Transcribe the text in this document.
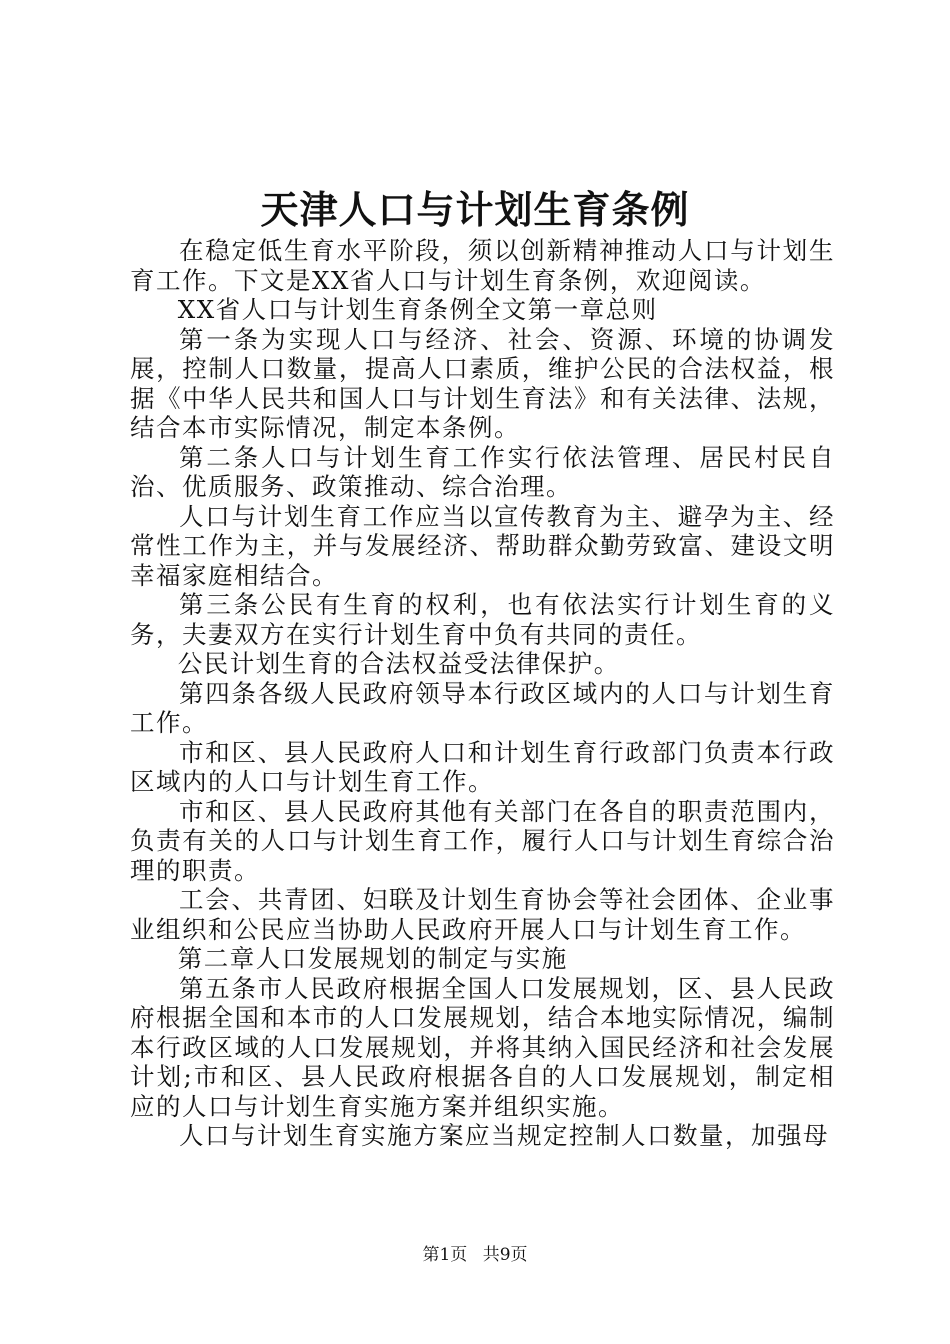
天津人口与计划生育条例

在稳定低生育水平阶段，须以创新精神推动人口与计划生育工作。下文是XX省人口与计划生育条例，欢迎阅读。

XX省人口与计划生育条例全文第一章总则

第一条为实现人口与经济、社会、资源、环境的协调发展，控制人口数量，提高人口素质，维护公民的合法权益，根据《中华人民共和国人口与计划生育法》和有关法律、法规，结合本市实际情况，制定本条例。

第二条人口与计划生育工作实行依法管理、居民村民自治、优质服务、政策推动、综合治理。

人口与计划生育工作应当以宣传教育为主、避孕为主、经常性工作为主，并与发展经济、帮助群众勤劳致富、建设文明幸福家庭相结合。

第三条公民有生育的权利，也有依法实行计划生育的义务，夫妻双方在实行计划生育中负有共同的责任。

公民计划生育的合法权益受法律保护。

第四条各级人民政府领导本行政区域内的人口与计划生育工作。

市和区、县人民政府人口和计划生育行政部门负责本行政区域内的人口与计划生育工作。

市和区、县人民政府其他有关部门在各自的职责范围内，负责有关的人口与计划生育工作，履行人口与计划生育综合治理的职责。

工会、共青团、妇联及计划生育协会等社会团体、企业事业组织和公民应当协助人民政府开展人口与计划生育工作。

第二章人口发展规划的制定与实施

第五条市人民政府根据全国人口发展规划，区、县人民政府根据全国和本市的人口发展规划，结合本地实际情况，编制本行政区域的人口发展规划，并将其纳入国民经济和社会发展计划;市和区、县人民政府根据各自的人口发展规划，制定相应的人口与计划生育实施方案并组织实施。

人口与计划生育实施方案应当规定控制人口数量，加强母

第1页 共9页
